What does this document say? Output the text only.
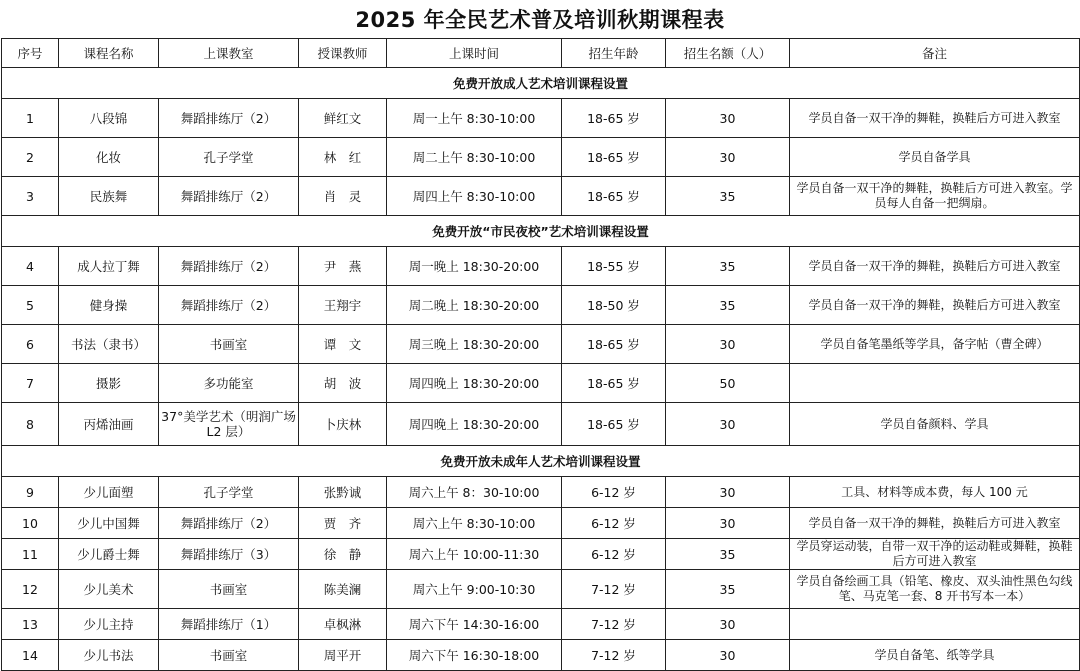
2025 年全民艺术普及培训秋期课程表
序号	课程名称	上课教室	授课教师	上课时间	招生年龄	招生名额（人）	备注
免费开放成人艺术培训课程设置							
1	八段锦	舞蹈排练厅（2）	鲜红文	周一上午 8:30-10:00	18-65 岁	30	学员自备一双干净的舞鞋，换鞋后方可进入教室
2	化妆	孔子学堂	林　红	周二上午 8:30-10:00	18-65 岁	30	学员自备学具
3	民族舞	舞蹈排练厅（2）	肖　灵	周四上午 8:30-10:00	18-65 岁	35	学员自备一双干净的舞鞋，换鞋后方可进入教室。学员每人自备一把绸扇。
免费开放“市民夜校”艺术培训课程设置							
4	成人拉丁舞	舞蹈排练厅（2）	尹　燕	周一晚上 18:30-20:00	18-55 岁	35	学员自备一双干净的舞鞋，换鞋后方可进入教室
5	健身操	舞蹈排练厅（2）	王翔宇	周二晚上 18:30-20:00	18-50 岁	35	学员自备一双干净的舞鞋，换鞋后方可进入教室
6	书法（隶书）	书画室	谭　文	周三晚上 18:30-20:00	18-65 岁	30	学员自备笔墨纸等学具，备字帖（曹全碑）
7	摄影	多功能室	胡　波	周四晚上 18:30-20:00	18-65 岁	50	
8	丙烯油画	37°美学艺术（明润广场 L2 层）	卜庆林	周四晚上 18:30-20:00	18-65 岁	30	学员自备颜料、学具
免费开放未成年人艺术培训课程设置							
9	少儿面塑	孔子学堂	张黔诚	周六上午 8：30-10:00	6-12 岁	30	工具、材料等成本费，每人 100 元
10	少儿中国舞	舞蹈排练厅（2）	贾　齐	周六上午 8:30-10:00	6-12 岁	30	学员自备一双干净的舞鞋，换鞋后方可进入教室
11	少儿爵士舞	舞蹈排练厅（3）	徐　静	周六上午 10:00-11:30	6-12 岁	35	学员穿运动装，自带一双干净的运动鞋或舞鞋，换鞋后方可进入教室
12	少儿美术	书画室	陈美澜	周六上午 9:00-10:30	7-12 岁	35	学员自备绘画工具（铅笔、橡皮、双头油性黑色勾线笔、马克笔一套、8 开书写本一本）
13	少儿主持	舞蹈排练厅（1）	卓枫淋	周六下午 14:30-16:00	7-12 岁	30	
14	少儿书法	书画室	周平开	周六下午 16:30-18:00	7-12 岁	30	学员自备笔、纸等学具
